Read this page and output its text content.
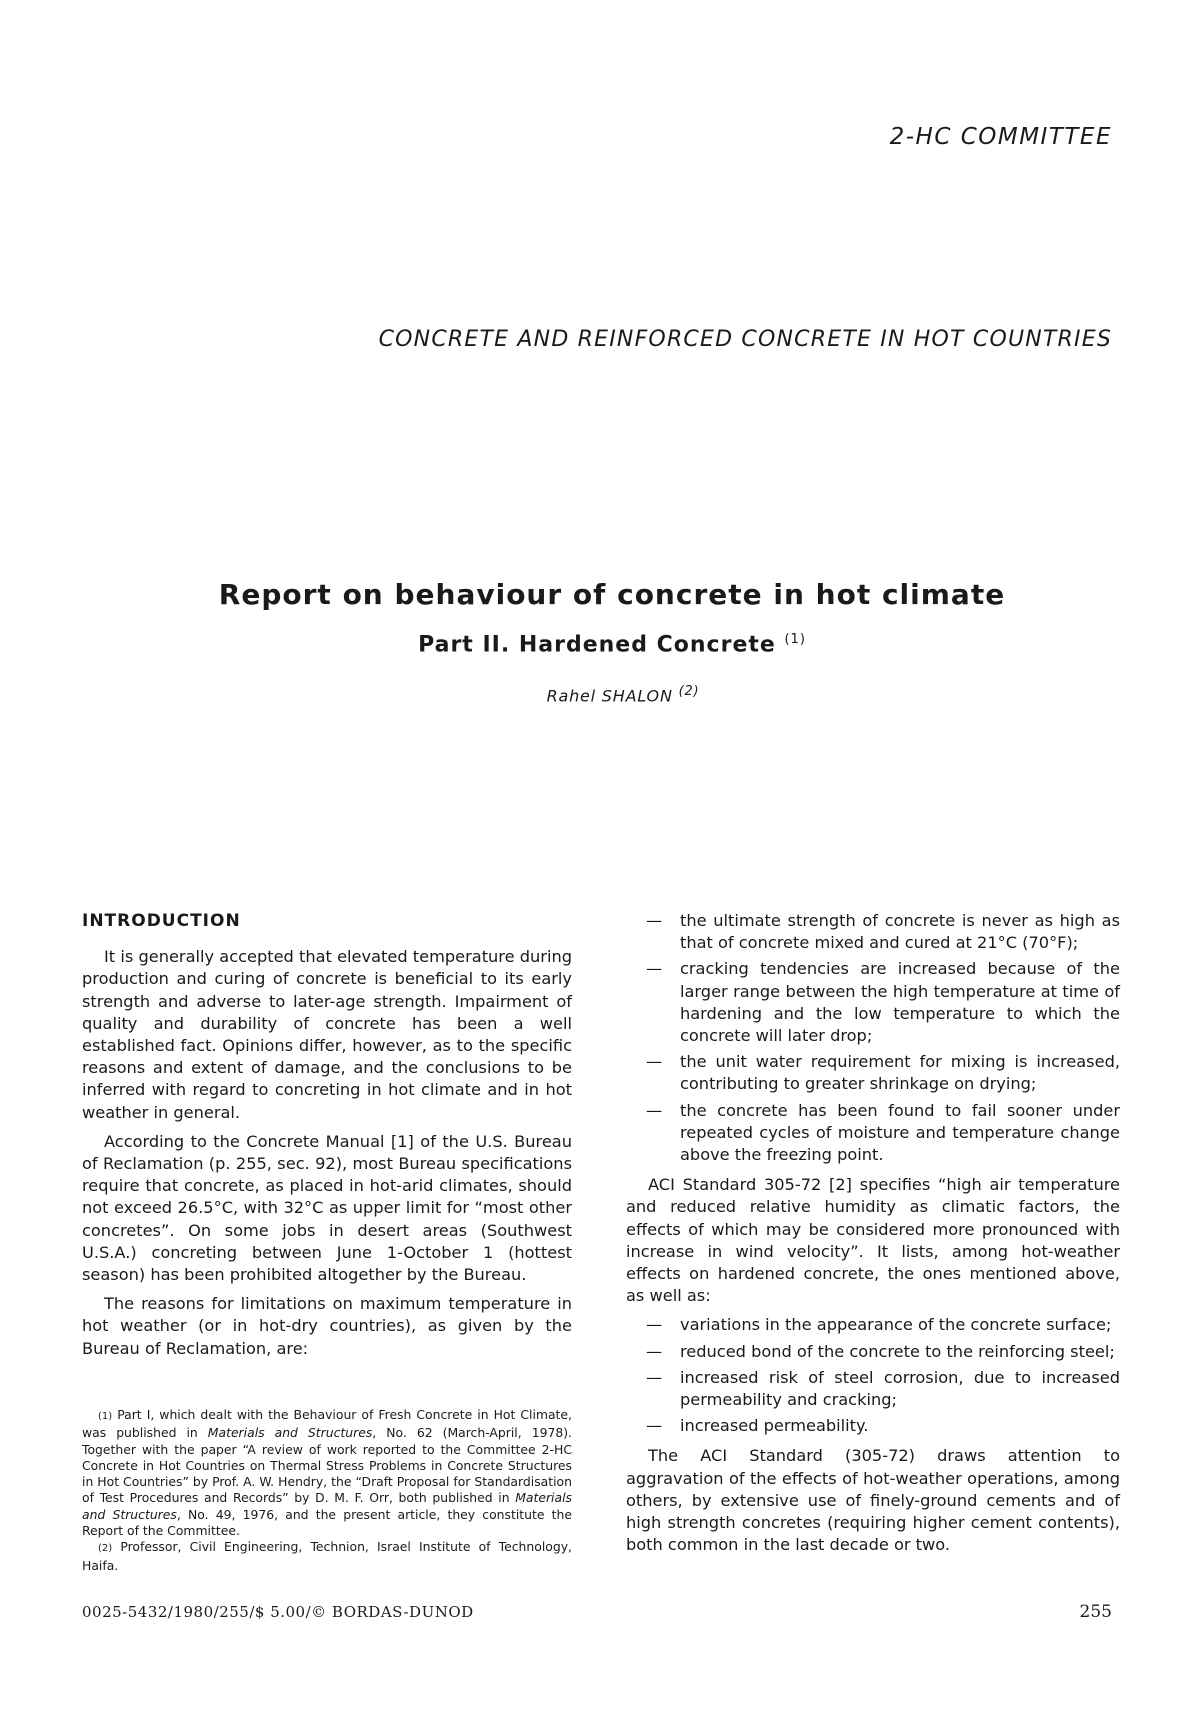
2-HC COMMITTEE
CONCRETE AND REINFORCED CONCRETE IN HOT COUNTRIES
Report on behaviour of concrete in hot climate
Part II. Hardened Concrete $^{(1)}$
Rahel SHALON $^{(2)}$
INTRODUCTION

It is generally accepted that elevated temperature during production and curing of concrete is beneficial to its early strength and adverse to later-age strength. Impairment of quality and durability of concrete has been a well established fact. Opinions differ, however, as to the specific reasons and extent of damage, and the conclusions to be inferred with regard to concreting in hot climate and in hot weather in general.

According to the Concrete Manual [1] of the U.S. Bureau of Reclamation (p. 255, sec. 92), most Bureau specifications require that concrete, as placed in hot-arid climates, should not exceed 26.5°C, with 32°C as upper limit for “most other concretes”. On some jobs in desert areas (Southwest U.S.A.) concreting between June 1-October 1 (hottest season) has been prohibited altogether by the Bureau.

The reasons for limitations on maximum temperature in hot weather (or in hot-dry countries), as given by the Bureau of Reclamation, are:

(1) Part I, which dealt with the Behaviour of Fresh Concrete in Hot Climate, was published in Materials and Structures, No. 62 (March-April, 1978). Together with the paper “A review of work reported to the Committee 2-HC Concrete in Hot Countries on Thermal Stress Problems in Concrete Structures in Hot Countries” by Prof. A. W. Hendry, the “Draft Proposal for Standardisation of Test Procedures and Records” by D. M. F. Orr, both published in Materials and Structures, No. 49, 1976, and the present article, they constitute the Report of the Committee.

(2) Professor, Civil Engineering, Technion, Israel Institute of Technology, Haifa.

— the ultimate strength of concrete is never as high as that of concrete mixed and cured at 21°C (70°F);
— cracking tendencies are increased because of the larger range between the high temperature at time of hardening and the low temperature to which the concrete will later drop;
— the unit water requirement for mixing is increased, contributing to greater shrinkage on drying;
— the concrete has been found to fail sooner under repeated cycles of moisture and temperature change above the freezing point.

ACI Standard 305-72 [2] specifies “high air temperature and reduced relative humidity as climatic factors, the effects of which may be considered more pronounced with increase in wind velocity”. It lists, among hot-weather effects on hardened concrete, the ones mentioned above, as well as:

— variations in the appearance of the concrete surface;
— reduced bond of the concrete to the reinforcing steel;
— increased risk of steel corrosion, due to increased permeability and cracking;
— increased permeability.

The ACI Standard (305-72) draws attention to aggravation of the effects of hot-weather operations, among others, by extensive use of finely-ground cements and of high strength concretes (requiring higher cement contents), both common in the last decade or two.

0025-5432/1980/255/$ 5.00/© BORDAS-DUNOD	255
